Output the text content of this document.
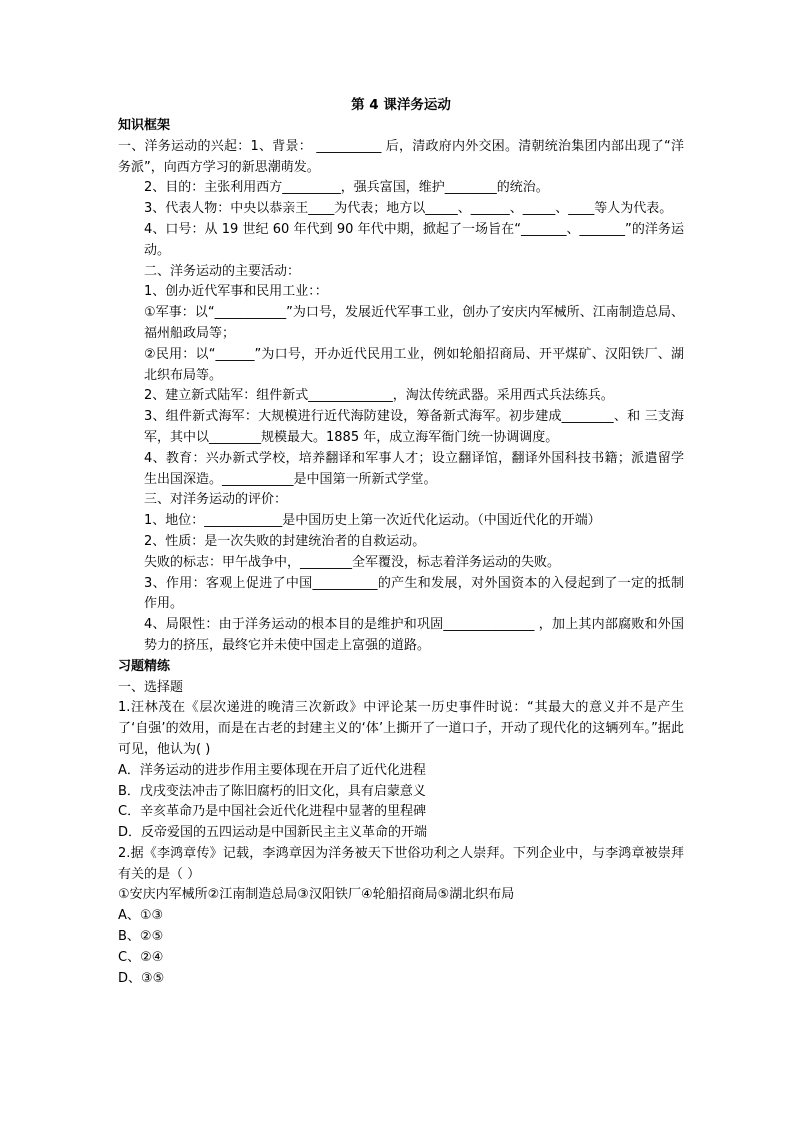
第 4 课洋务运动
知识框架
一、洋务运动的兴起：1、背景： __________ 后，清政府内外交困。清朝统治集团内部出现了“洋务派”，向西方学习的新思潮萌发。
2、目的：主张利用西方_________，强兵富国，维护________的统治。
3、代表人物：中央以恭亲王____为代表；地方以_____、______、_____、____等人为代表。
4、口号：从 19 世纪 60 年代到 90 年代中期，掀起了一场旨在“_______、_______”的洋务运动。
二、洋务运动的主要活动：
1、创办近代军事和民用工业：：
①军事：以“___________”为口号，发展近代军事工业，创办了安庆内军械所、江南制造总局、福州船政局等；
②民用：以“______”为口号，开办近代民用工业，例如轮船招商局、开平煤矿、汉阳铁厂、湖北织布局等。
2、建立新式陆军：组件新式_____________，淘汰传统武器。采用西式兵法练兵。
3、组件新式海军：大规模进行近代海防建设，筹备新式海军。初步建成________、和 三支海军，其中以________规模最大。1885 年，成立海军衙门统一协调调度。
4、教育：兴办新式学校，培养翻译和军事人才；设立翻译馆，翻译外国科技书籍；派遣留学生出国深造。___________是中国第一所新式学堂。
三、对洋务运动的评价：
1、地位：____________是中国历史上第一次近代化运动。（中国近代化的开端）
2、性质：是一次失败的封建统治者的自救运动。
失败的标志：甲午战争中，________全军覆没，标志着洋务运动的失败。
3、作用：客观上促进了中国__________的产生和发展，对外国资本的入侵起到了一定的抵制作用。
4、局限性：由于洋务运动的根本目的是维护和巩固______________ ，加上其内部腐败和外国势力的挤压，最终它并未使中国走上富强的道路。
习题精练
一、选择题
1.汪林茂在《层次递进的晚清三次新政》中评论某一历史事件时说：“其最大的意义并不是产生了‘自强’的效用，而是在古老的封建主义的‘体’上撕开了一道口子，开动了现代化的这辆列车。”据此可见，他认为( )
A．洋务运动的进步作用主要体现在开启了近代化进程
B．戊戌变法冲击了陈旧腐朽的旧文化，具有启蒙意义
C．辛亥革命乃是中国社会近代化进程中显著的里程碑
D．反帝爱国的五四运动是中国新民主主义革命的开端
2.据《李鸿章传》记载，李鸿章因为洋务被天下世俗功利之人崇拜。下列企业中，与李鸿章被崇拜有关的是（ ）
①安庆内军械所②江南制造总局③汉阳铁厂④轮船招商局⑤湖北织布局
A、①③
B、②⑤
C、②④
D、③⑤
